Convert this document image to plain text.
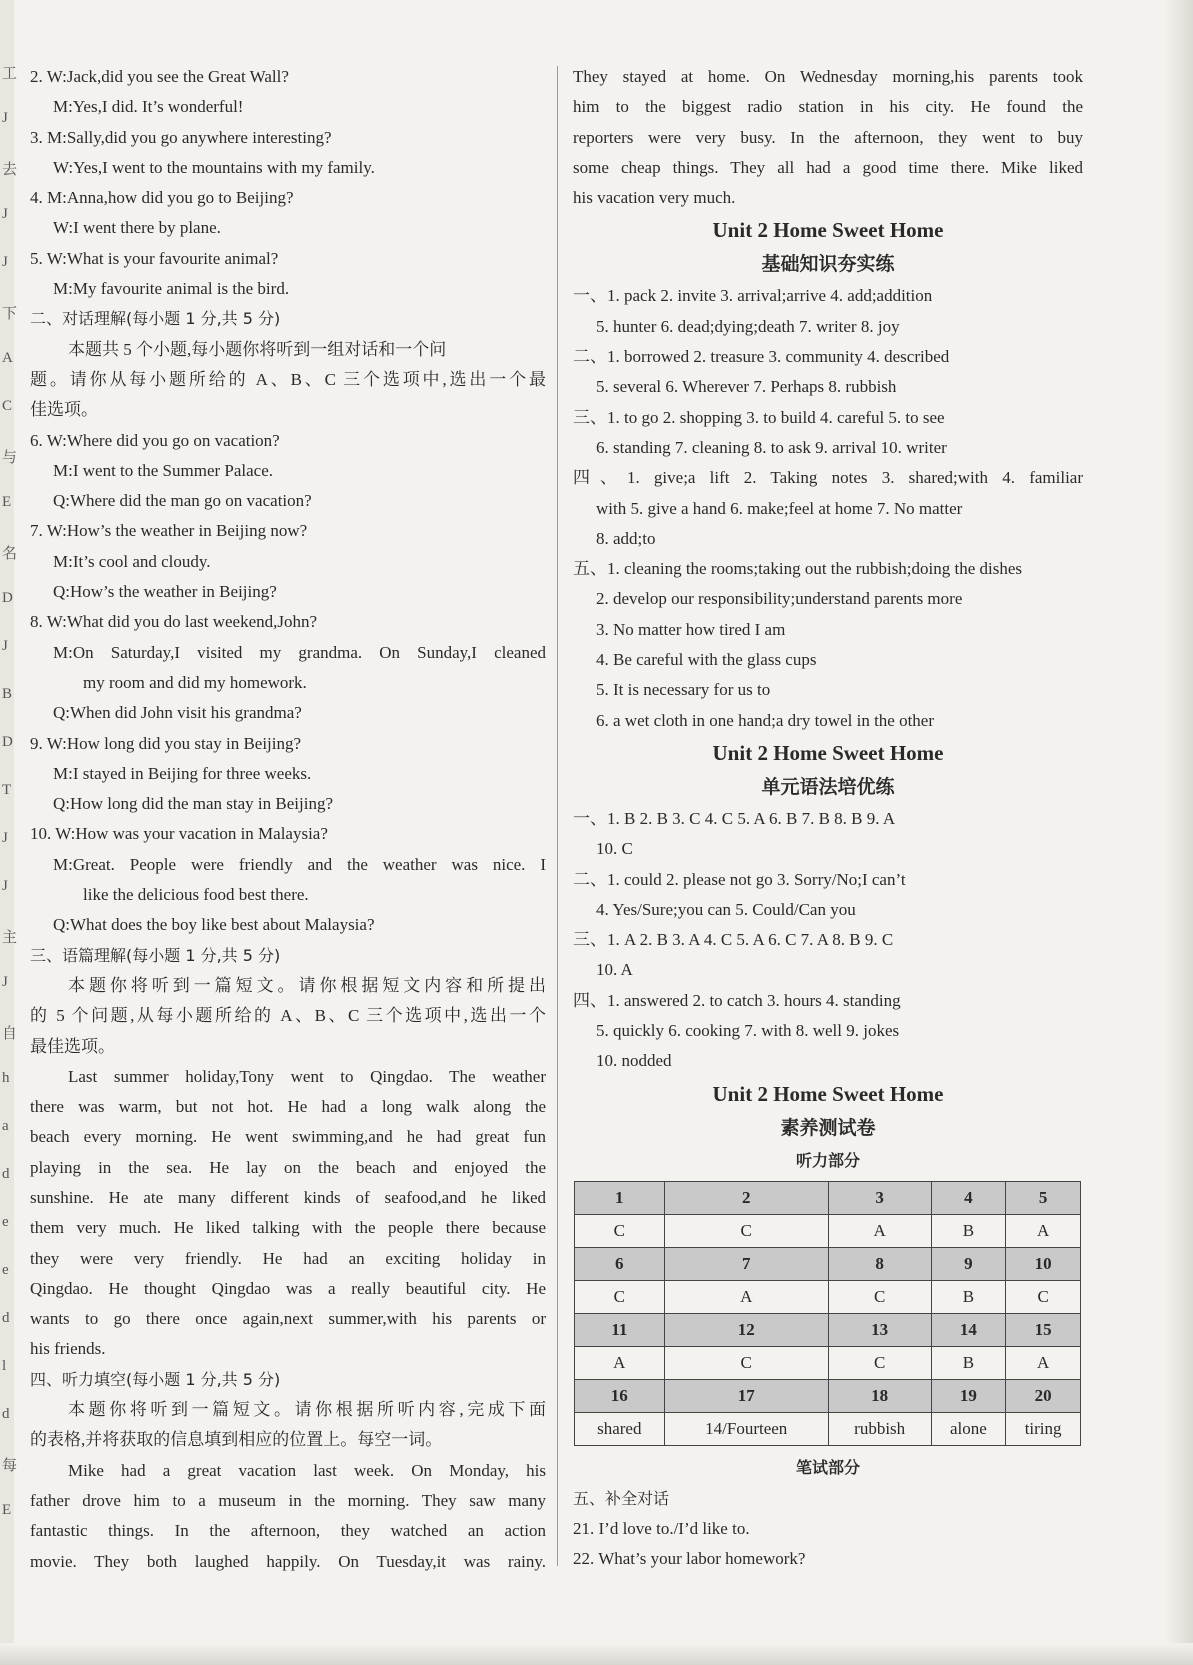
工
J
去
J
J
下
A
C
与
E
名
D
J
B
D
T
J
J
主
J
自
h
a
d
e
e
d
l
d
每
E
2. W:Jack,did you see the Great Wall?
M:Yes,I did. It’s wonderful!
3. M:Sally,did you go anywhere interesting?
W:Yes,I went to the mountains with my family.
4. M:Anna,how did you go to Beijing?
W:I went there by plane.
5. W:What is your favourite animal?
M:My favourite animal is the bird.
二、对话理解(每小题 1 分,共 5 分)
本题共 5 个小题,每小题你将听到一组对话和一个问
题。请你从每小题所给的 A、B、C 三个选项中,选出一个最
佳选项。
6. W:Where did you go on vacation?
M:I went to the Summer Palace.
Q:Where did the man go on vacation?
7. W:How’s the weather in Beijing now?
M:It’s cool and cloudy.
Q:How’s the weather in Beijing?
8. W:What did you do last weekend,John?
M:On Saturday,I visited my grandma. On Sunday,I cleaned
my room and did my homework.
Q:When did John visit his grandma?
9. W:How long did you stay in Beijing?
M:I stayed in Beijing for three weeks.
Q:How long did the man stay in Beijing?
10. W:How was your vacation in Malaysia?
M:Great. People were friendly and the weather was nice. I
like the delicious food best there.
Q:What does the boy like best about Malaysia?
三、语篇理解(每小题 1 分,共 5 分)
本题你将听到一篇短文。请你根据短文内容和所提出
的 5 个问题,从每小题所给的 A、B、C 三个选项中,选出一个
最佳选项。
Last summer holiday,Tony went to Qingdao. The weather
there was warm, but not hot. He had a long walk along the
beach every morning. He went swimming,and he had great fun
playing in the sea. He lay on the beach and enjoyed the
sunshine. He ate many different kinds of seafood,and he liked
them very much. He liked talking with the people there because
they were very friendly. He had an exciting holiday in
Qingdao. He thought Qingdao was a really beautiful city. He
wants to go there once again,next summer,with his parents or
his friends.
四、听力填空(每小题 1 分,共 5 分)
本题你将听到一篇短文。请你根据所听内容,完成下面
的表格,并将获取的信息填到相应的位置上。每空一词。
Mike had a great vacation last week. On Monday, his
father drove him to a museum in the morning. They saw many
fantastic things. In the afternoon, they watched an action
movie. They both laughed happily. On Tuesday,it was rainy.
They stayed at home. On Wednesday morning,his parents took
him to the biggest radio station in his city. He found the
reporters were very busy. In the afternoon, they went to buy
some cheap things. They all had a good time there. Mike liked
his vacation very much.
Unit 2 Home Sweet Home
基础知识夯实练
一、1. pack 2. invite 3. arrival;arrive 4. add;addition
5. hunter 6. dead;dying;death 7. writer 8. joy
二、1. borrowed 2. treasure 3. community 4. described
5. several 6. Wherever 7. Perhaps 8. rubbish
三、1. to go 2. shopping 3. to build 4. careful 5. to see
6. standing 7. cleaning 8. to ask 9. arrival 10. writer
四、1. give;a lift 2. Taking notes 3. shared;with 4. familiar
with 5. give a hand 6. make;feel at home 7. No matter
8. add;to
五、1. cleaning the rooms;taking out the rubbish;doing the dishes
2. develop our responsibility;understand parents more
3. No matter how tired I am
4. Be careful with the glass cups
5. It is necessary for us to
6. a wet cloth in one hand;a dry towel in the other
Unit 2 Home Sweet Home
单元语法培优练
一、1. B 2. B 3. C 4. C 5. A 6. B 7. B 8. B 9. A
10. C
二、1. could 2. please not go 3. Sorry/No;I can’t
4. Yes/Sure;you can 5. Could/Can you
三、1. A 2. B 3. A 4. C 5. A 6. C 7. A 8. B 9. C
10. A
四、1. answered 2. to catch 3. hours 4. standing
5. quickly 6. cooking 7. with 8. well 9. jokes
10. nodded
Unit 2 Home Sweet Home
素养测试卷
听力部分
1	2	3	4	5
C	C	A	B	A
6	7	8	9	10
C	A	C	B	C
11	12	13	14	15
A	C	C	B	A
16	17	18	19	20
shared	14/Fourteen	rubbish	alone	tiring
笔试部分
五、补全对话
21. I’d love to./I’d like to.
22. What’s your labor homework?
